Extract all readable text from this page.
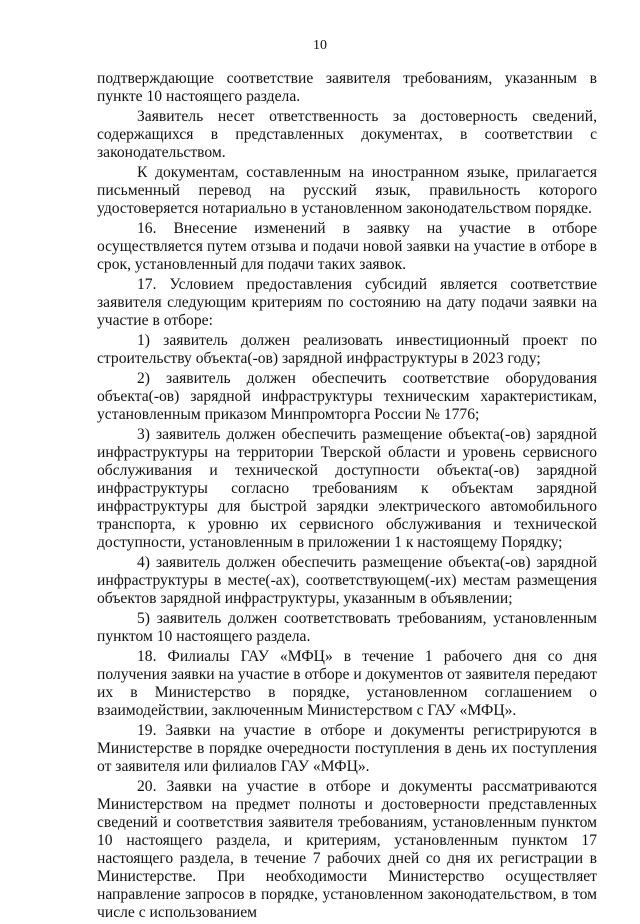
10

подтверждающие соответствие заявителя требованиям, указанным в пункте 10 настоящего раздела.

Заявитель несет ответственность за достоверность сведений, содержащихся в представленных документах, в соответствии с законодательством.

К документам, составленным на иностранном языке, прилагается письменный перевод на русский язык, правильность которого удостоверяется нотариально в установленном законодательством порядке.

16. Внесение изменений в заявку на участие в отборе осуществляется путем отзыва и подачи новой заявки на участие в отборе в срок, установленный для подачи таких заявок.

17. Условием предоставления субсидий является соответствие заявителя следующим критериям по состоянию на дату подачи заявки на участие в отборе:

1) заявитель должен реализовать инвестиционный проект по строительству объекта(-ов) зарядной инфраструктуры в 2023 году;

2) заявитель должен обеспечить соответствие оборудования объекта(-ов) зарядной инфраструктуры техническим характеристикам, установленным приказом Минпромторга России № 1776;

3) заявитель должен обеспечить размещение объекта(-ов) зарядной инфраструктуры на территории Тверской области и уровень сервисного обслуживания и технической доступности объекта(-ов) зарядной инфраструктуры согласно требованиям к объектам зарядной инфраструктуры для быстрой зарядки электрического автомобильного транспорта, к уровню их сервисного обслуживания и технической доступности, установленным в приложении 1 к настоящему Порядку;

4) заявитель должен обеспечить размещение объекта(-ов) зарядной инфраструктуры в месте(-ах), соответствующем(-их) местам размещения объектов зарядной инфраструктуры, указанным в объявлении;

5) заявитель должен соответствовать требованиям, установленным пунктом 10 настоящего раздела.

18. Филиалы ГАУ «МФЦ» в течение 1 рабочего дня со дня получения заявки на участие в отборе и документов от заявителя передают их в Министерство в порядке, установленном соглашением о взаимодействии, заключенным Министерством с ГАУ «МФЦ».

19. Заявки на участие в отборе и документы регистрируются в Министерстве в порядке очередности поступления в день их поступления от заявителя или филиалов ГАУ «МФЦ».

20. Заявки на участие в отборе и документы рассматриваются Министерством на предмет полноты и достоверности представленных сведений и соответствия заявителя требованиям, установленным пунктом 10 настоящего раздела, и критериям, установленным пунктом 17 настоящего раздела, в течение 7 рабочих дней со дня их регистрации в Министерстве. При необходимости Министерство осуществляет направление запросов в порядке, установленном законодательством, в том числе с использованием
